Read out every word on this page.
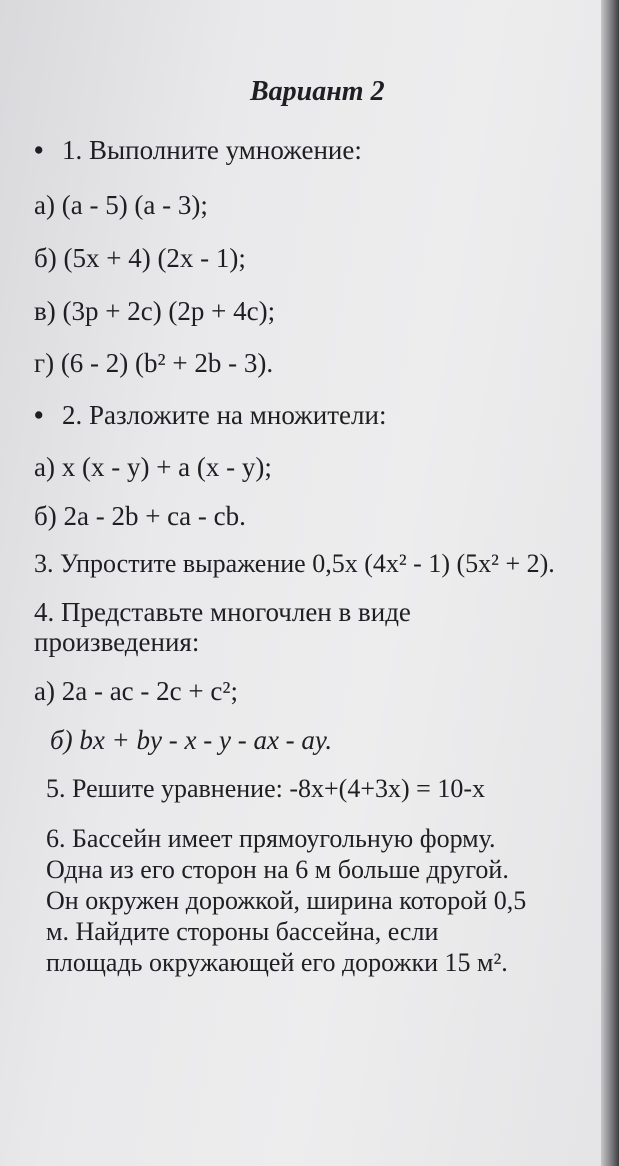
Вариант 2
• 1. Выполните умножение:
а) (a - 5) (a - 3);
б) (5x + 4) (2x - 1);
в) (3p + 2c) (2p + 4c);
г) (6 - 2) (b² + 2b - 3).
• 2. Разложите на множители:
а) x (x - y) + a (x - y);
б) 2a - 2b + ca - cb.
3. Упростите выражение 0,5x (4x² - 1) (5x² + 2).
4. Представьте многочлен в виде
произведения:
а) 2a - ac - 2c + c²;
б) bx + by - x - y - ax - ay.
5. Решите уравнение: -8x+(4+3x) = 10-x
6. Бассейн имеет прямоугольную форму.
Одна из его сторон на 6 м больше другой.
Он окружен дорожкой, ширина которой 0,5
м. Найдите стороны бассейна, если
площадь окружающей его дорожки 15 м².
